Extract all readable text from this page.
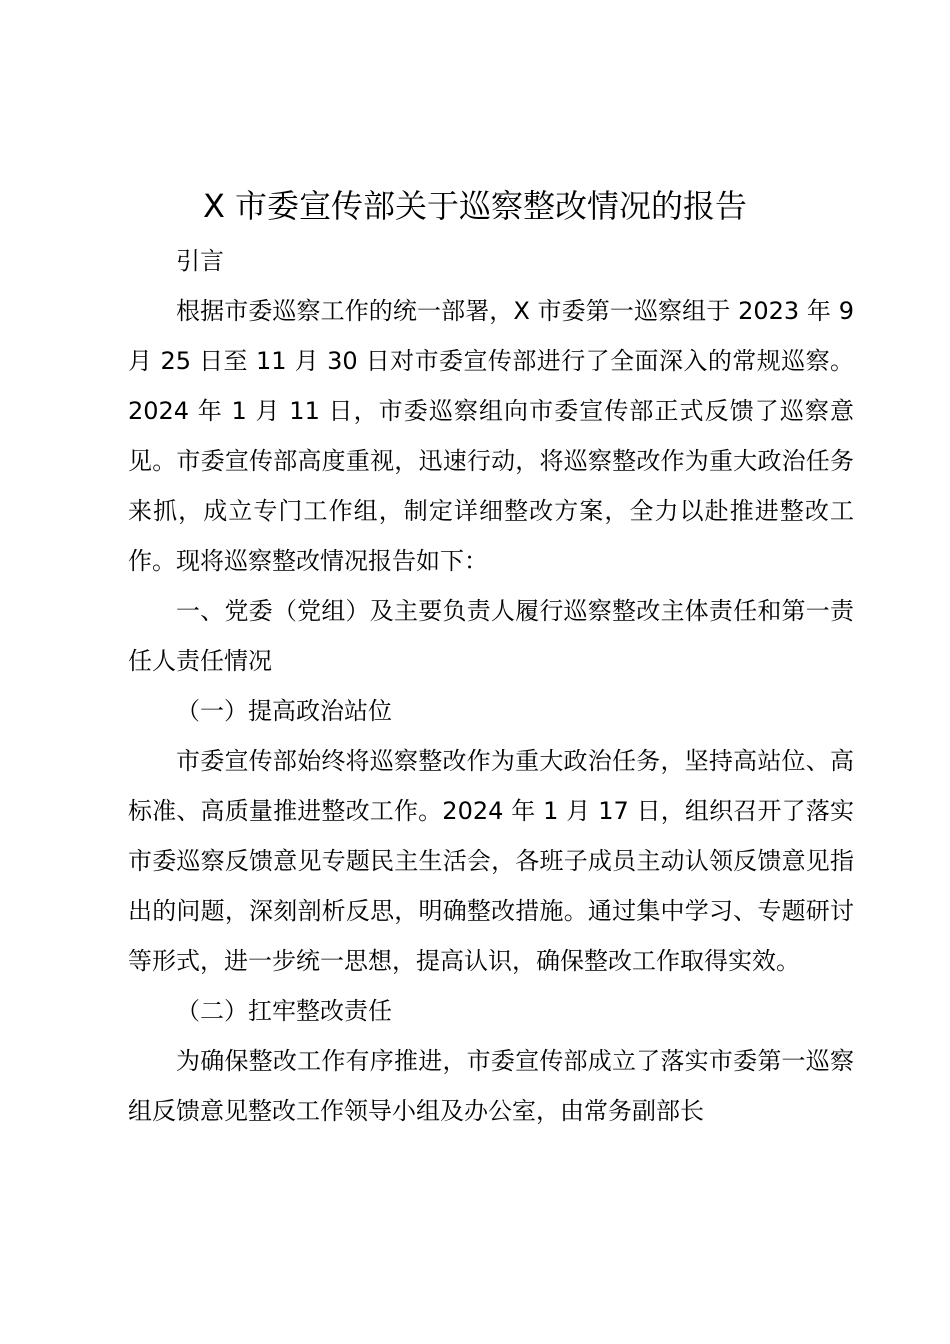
X 市委宣传部关于巡察整改情况的报告

引言

根据市委巡察工作的统一部署，X 市委第一巡察组于 2023 年 9 月 25 日至 11 月 30 日对市委宣传部进行了全面深入的常规巡察。2024 年 1 月 11 日，市委巡察组向市委宣传部正式反馈了巡察意见。市委宣传部高度重视，迅速行动，将巡察整改作为重大政治任务来抓，成立专门工作组，制定详细整改方案，全力以赴推进整改工作。现将巡察整改情况报告如下：

一、党委（党组）及主要负责人履行巡察整改主体责任和第一责任人责任情况

（一）提高政治站位

市委宣传部始终将巡察整改作为重大政治任务，坚持高站位、高标准、高质量推进整改工作。2024 年 1 月 17 日，组织召开了落实市委巡察反馈意见专题民主生活会，各班子成员主动认领反馈意见指出的问题，深刻剖析反思，明确整改措施。通过集中学习、专题研讨等形式，进一步统一思想，提高认识，确保整改工作取得实效。

（二）扛牢整改责任

为确保整改工作有序推进，市委宣传部成立了落实市委第一巡察组反馈意见整改工作领导小组及办公室，由常务副部长
